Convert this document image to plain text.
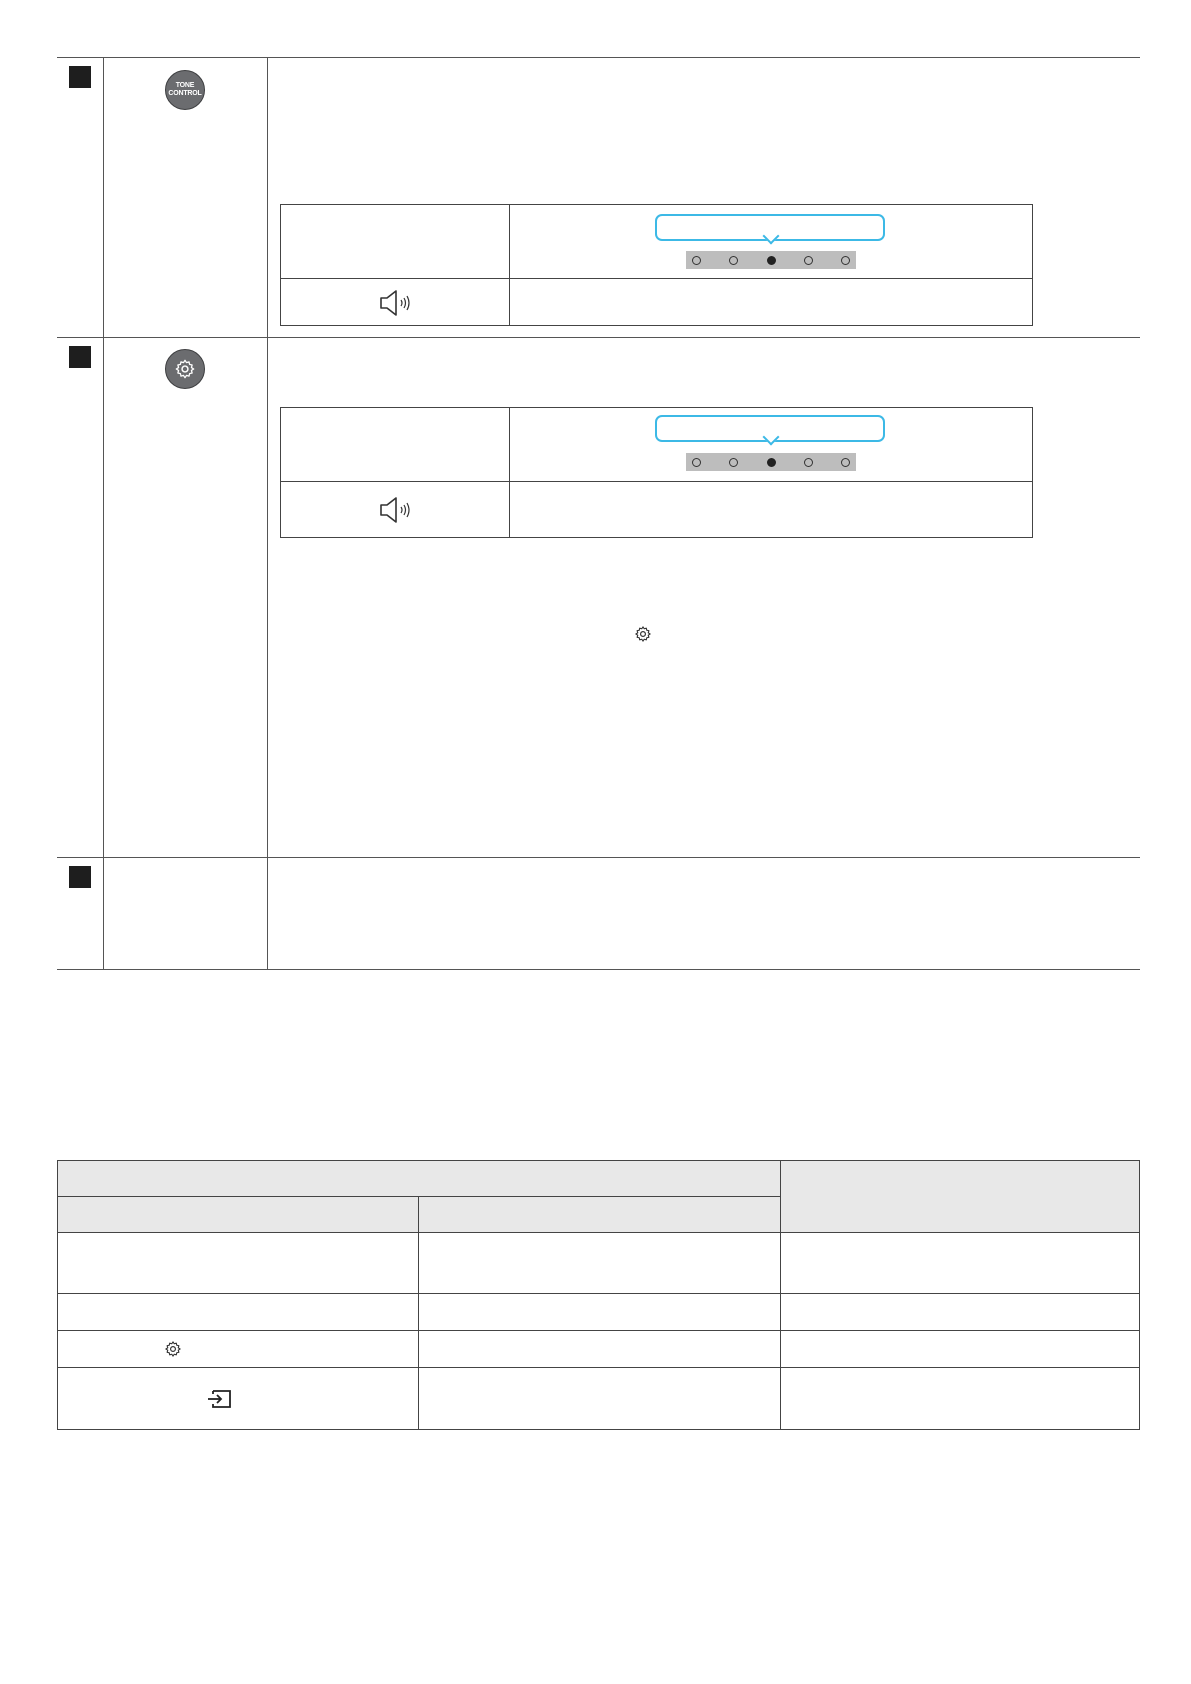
TONE
CONTROL
